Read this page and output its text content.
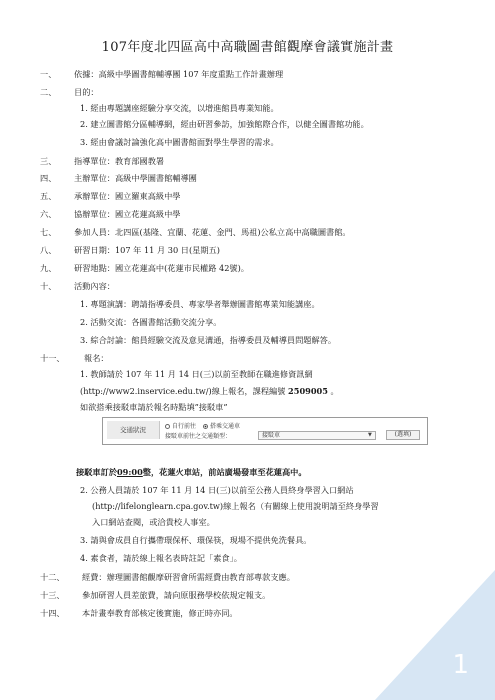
107年度北四區高中高職圖書館觀摩會議實施計畫
一、 依據：高級中學圖書館輔導團 107 年度重點工作計畫辦理
二、 目的：
1. 經由專題講座經驗分享交流，以增進館員專業知能。
2. 建立圖書館分區輔導網，經由研習參訪，加強館際合作，以健全圖書館功能。
3. 經由會議討論強化高中圖書館面對學生學習的需求。
三、 指導單位：教育部國教署
四、 主辦單位：高級中學圖書館輔導團
五、 承辦單位：國立羅東高級中學
六、 協辦單位：國立花蓮高級中學
七、 參加人員：北四區(基隆、宜蘭、花蓮、金門、馬祖)公私立高中高職圖書館。
八、 研習日期：107 年 11 月 30 日(星期五)
九、 研習地點：國立花蓮高中(花蓮市民權路 42號)。
十、 活動內容：
1. 專題演講：聘請指導委員、專家學者舉辦圖書館專業知能講座。
2. 活動交流：各圖書館活動交流分享。
3. 綜合討論：館員經驗交流及意見溝通，指導委員及輔導員問題解答。
十一、 報名：
1. 教師請於 107 年 11 月 14 日(三)以前至教師在職進修資訊網
(http://www2.inservice.edu.tw/)線上報名，課程編號 2509005 。
如欲搭乘接駁車請於報名時點填”接駁車”
交通狀況	自行前往	搭乘交通車
接駁車前往之交通類型：	接駁車	▼	(選填)
接駁車訂於09:00整，花蓮火車站，前站廣場發車至花蓮高中。
2. 公務人員請於 107 年 11 月 14 日(三)以前至公務人員終身學習入口網站
(http://lifelonglearn.cpa.gov.tw)線上報名（有關線上使用說明請至終身學習
入口網站查閱，或洽貴校人事室。
3. 請與會成員自行攜帶環保杯、環保筷，現場不提供免洗餐具。
4. 素食者，請於線上報名表時註記「素食」。
十二、 經費：辦理圖書館觀摩研習會所需經費由教育部專款支應。
十三、 參加研習人員差旅費，請向原服務學校依規定報支。
十四、 本計畫奉教育部核定後實施，修正時亦同。
1
